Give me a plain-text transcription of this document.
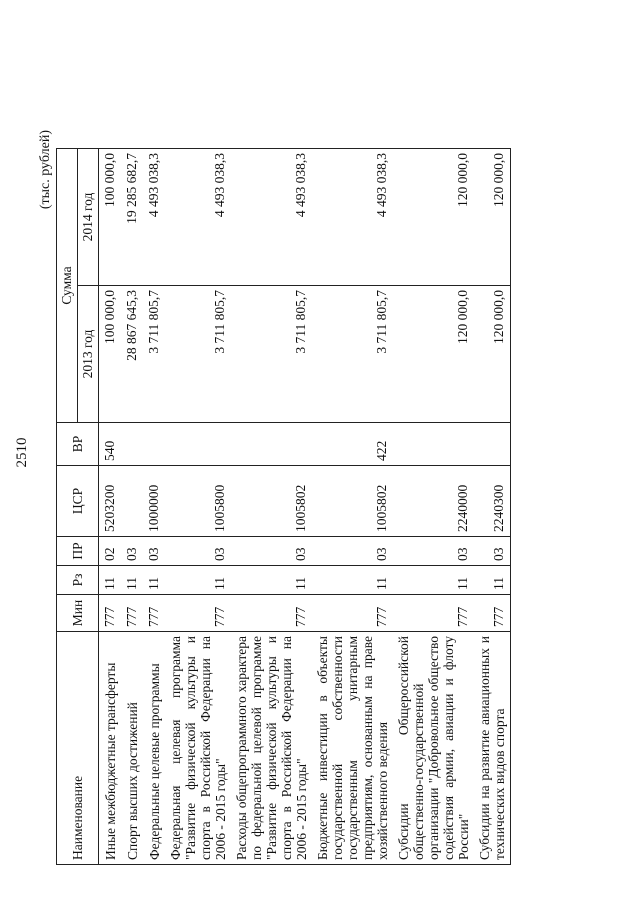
2510
(тыс. рублей)
Наименование	Мин	Рз	ПР	ЦСР	ВР	Сумма	
						2013 год	2014 год
Иные межбюджетные трансферты	777	11	02	5203200	540	100 000,0	100 000,0
Спорт высших достижений	777	11	03			28 867 645,3	19 285 682,7
Федеральные целевые программы	777	11	03	1000000		3 711 805,7	4 493 038,3
Федеральная целевая программа "Развитие физической культуры и спорта в Российской Федерации на 2006 - 2015 годы"	777	11	03	1005800		3 711 805,7	4 493 038,3
Расходы общепрограммного характера по федеральной целевой программе "Развитие физической культуры и спорта в Российской Федерации на 2006 - 2015 годы"	777	11	03	1005802		3 711 805,7	4 493 038,3
Бюджетные инвестиции в объекты государственной собственности государственным унитарным предприятиям, основанным на праве хозяйственного ведения	777	11	03	1005802	422	3 711 805,7	4 493 038,3
Субсидии Общероссийской общественно-государственной организации "Добровольное общество содействия армии, авиации и флоту России"	777	11	03	2240000		120 000,0	120 000,0
Субсидии на развитие авиационных и технических видов спорта	777	11	03	2240300		120 000,0	120 000,0
